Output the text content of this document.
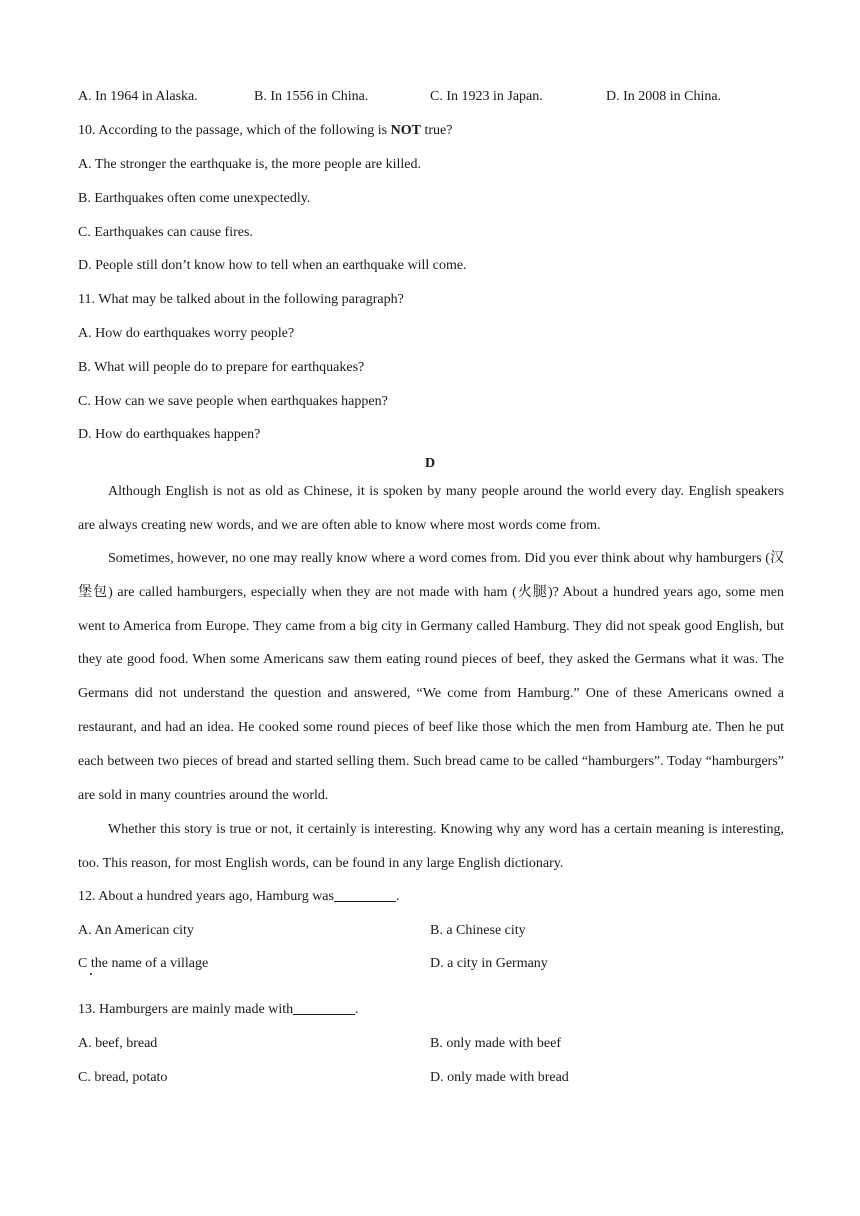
A. In 1964 in Alaska.	B. In 1556 in China.	C. In 1923 in Japan.	D. In 2008 in China.
10. According to the passage, which of the following is NOT true?
A. The stronger the earthquake is, the more people are killed.
B. Earthquakes often come unexpectedly.
C. Earthquakes can cause fires.
D. People still don’t know how to tell when an earthquake will come.
11. What may be talked about in the following paragraph?
A. How do earthquakes worry people?
B. What will people do to prepare for earthquakes?
C. How can we save people when earthquakes happen?
D. How do earthquakes happen?
D
Although English is not as old as Chinese, it is spoken by many people around the world every day. English speakers are always creating new words, and we are often able to know where most words come from.
Sometimes, however, no one may really know where a word comes from. Did you ever think about why hamburgers (汉堡包) are called hamburgers, especially when they are not made with ham (火腿)? About a hundred years ago, some men went to America from Europe. They came from a big city in Germany called Hamburg. They did not speak good English, but they ate good food. When some Americans saw them eating round pieces of beef, they asked the Germans what it was. The Germans did not understand the question and answered, “We come from Hamburg.” One of these Americans owned a restaurant, and had an idea. He cooked some round pieces of beef like those which the men from Hamburg ate. Then he put each between two pieces of bread and started selling them. Such bread came to be called “hamburgers”. Today “hamburgers” are sold in many countries around the world.
Whether this story is true or not, it certainly is interesting. Knowing why any word has a certain meaning is interesting, too. This reason, for most English words, can be found in any large English dictionary.
12. About a hundred years ago, Hamburg was	.
A. An American city	B. a Chinese city
C the name of a village	D. a city in Germany
13. Hamburgers are mainly made with	.
A. beef, bread	B. only made with beef
C. bread, potato	D. only made with bread
